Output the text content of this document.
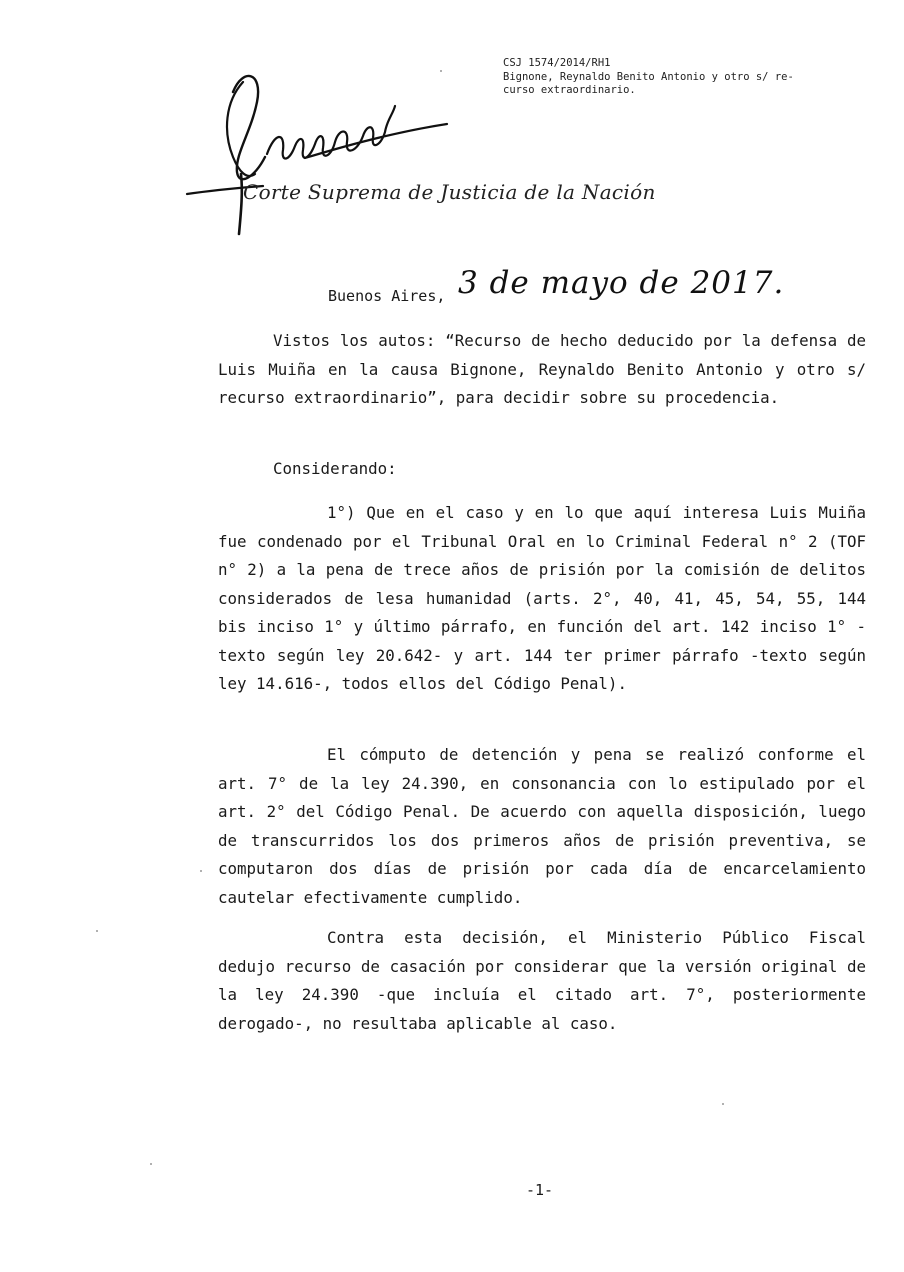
CSJ 1574/2014/RH1
Bignone, Reynaldo Benito Antonio y otro s/ re-
curso extraordinario.
Corte Suprema de Justicia de la Nación
Buenos Aires, 3 de mayo de 2017.
Vistos los autos: “Recurso de hecho deducido por la defensa de Luis Muiña en la causa Bignone, Reynaldo Benito Antonio y otro s/ recurso extraordinario”, para decidir sobre su procedencia.
Considerando:
1°) Que en el caso y en lo que aquí interesa Luis Muiña fue condenado por el Tribunal Oral en lo Criminal Federal n° 2 (TOF n° 2) a la pena de trece años de prisión por la comisión de delitos considerados de lesa humanidad (arts. 2°, 40, 41, 45, 54, 55, 144 bis inciso 1° y último párrafo, en función del art. 142 inciso 1° -texto según ley 20.642- y art. 144 ter primer párrafo -texto según ley 14.616-, todos ellos del Código Penal).
El cómputo de detención y pena se realizó conforme el art. 7° de la ley 24.390, en consonancia con lo estipulado por el art. 2° del Código Penal. De acuerdo con aquella disposición, luego de transcurridos los dos primeros años de prisión preventiva, se computaron dos días de prisión por cada día de encarcelamiento cautelar efectivamente cumplido.
Contra esta decisión, el Ministerio Público Fiscal dedujo recurso de casación por considerar que la versión original de la ley 24.390 -que incluía el citado art. 7°, posteriormente derogado-, no resultaba aplicable al caso.
-1-
